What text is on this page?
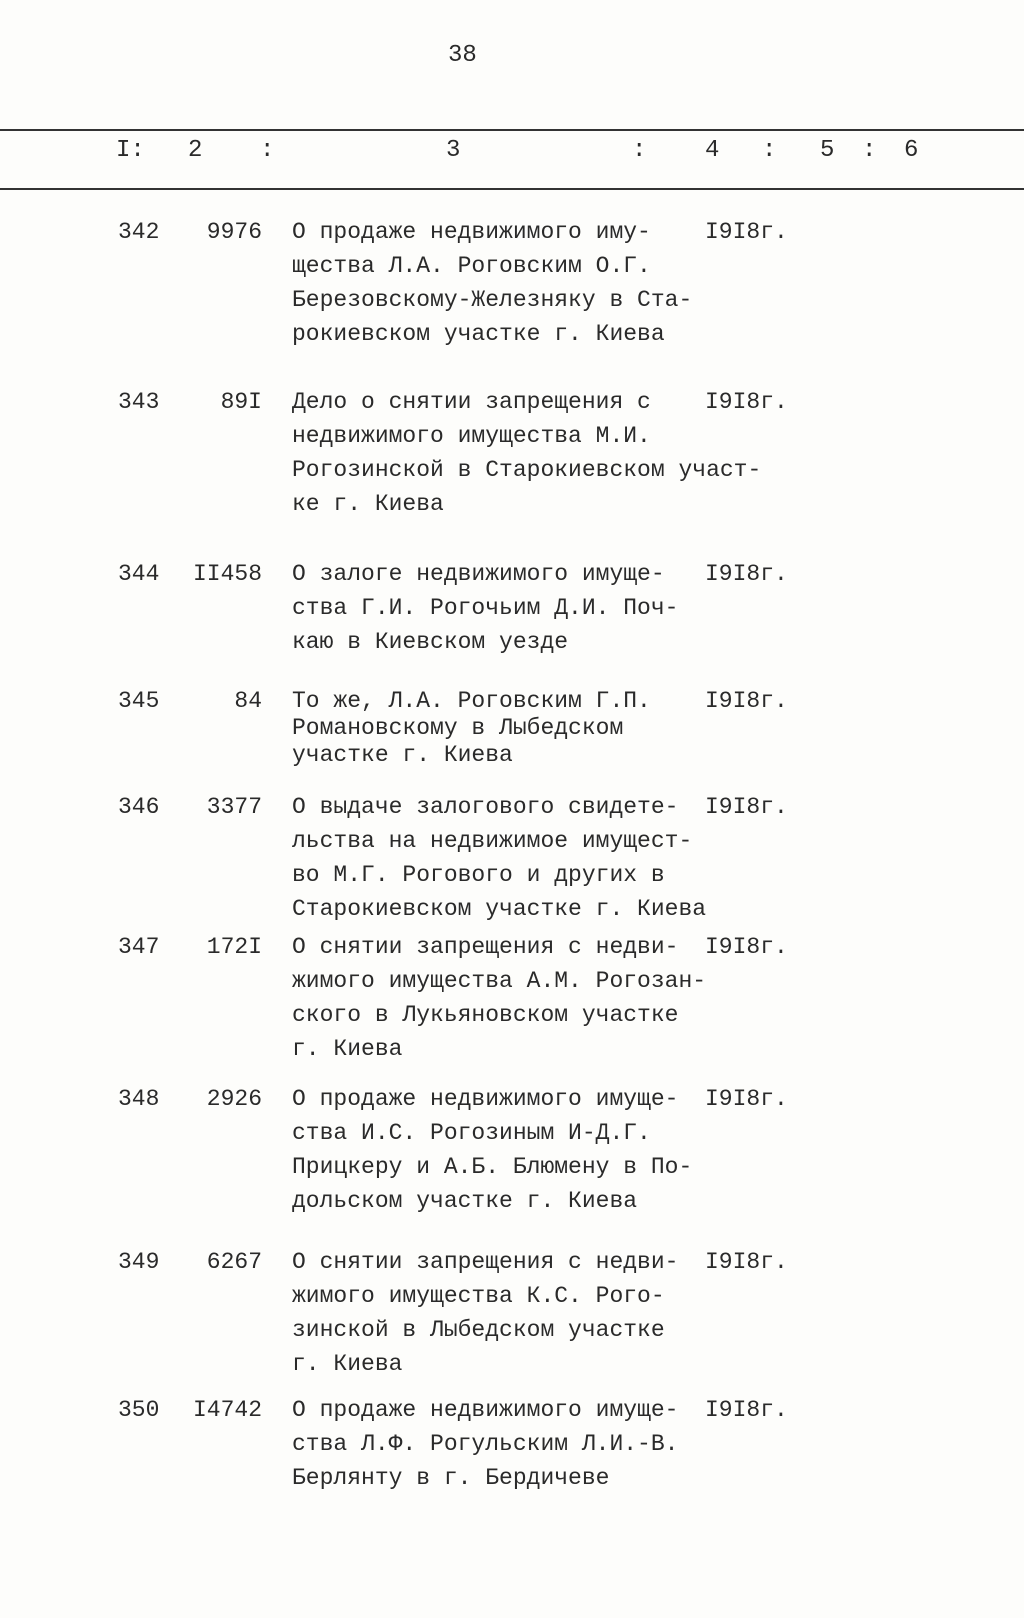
38
I: 2 :	3	: 4 : 5 : 6
342 9976 О продаже недвижимого иму-
щества Л.А. Роговским О.Г.
Березовскому-Железняку в Ста-
рокиевском участке г. Киева
I9I8г.
343	89I Дело о снятии запрещения с
недвижимого имущества М.И.
Рогозинской в Старокиевском участ-
ке г. Киева
I9I8г.
344 II458 О залоге недвижимого имуще-
ства Г.И. Рогочьим Д.И. Поч-
каю в Киевском уезде
I9I8г.
345	84 То же, Л.А. Роговским Г.П.
Романовскому в Лыбедском
участке г. Киева
I9I8г.
346 3377 О выдаче залогового свидете-
льства на недвижимое имущест-
во М.Г. Рогового и других в
Старокиевском участке г. Киева
I9I8г.
347 172I О снятии запрещения с недви-
жимого имущества А.М. Рогозан-
ского в Лукьяновском участке
г. Киева
I9I8г.
348 2926 О продаже недвижимого имуще-
ства И.С. Рогозиным И-Д.Г.
Прицкеру и А.Б. Блюмену в По-
дольском участке г. Киева
I9I8г.
349 6267 О снятии запрещения с недви-
жимого имущества К.С. Рого-
зинской в Лыбедском участке
г. Киева
I9I8г.
350 I4742 О продаже недвижимого имуще-
ства Л.Ф. Рогульским Л.И.-В.
Берлянту в г. Бердичеве
I9I8г.
